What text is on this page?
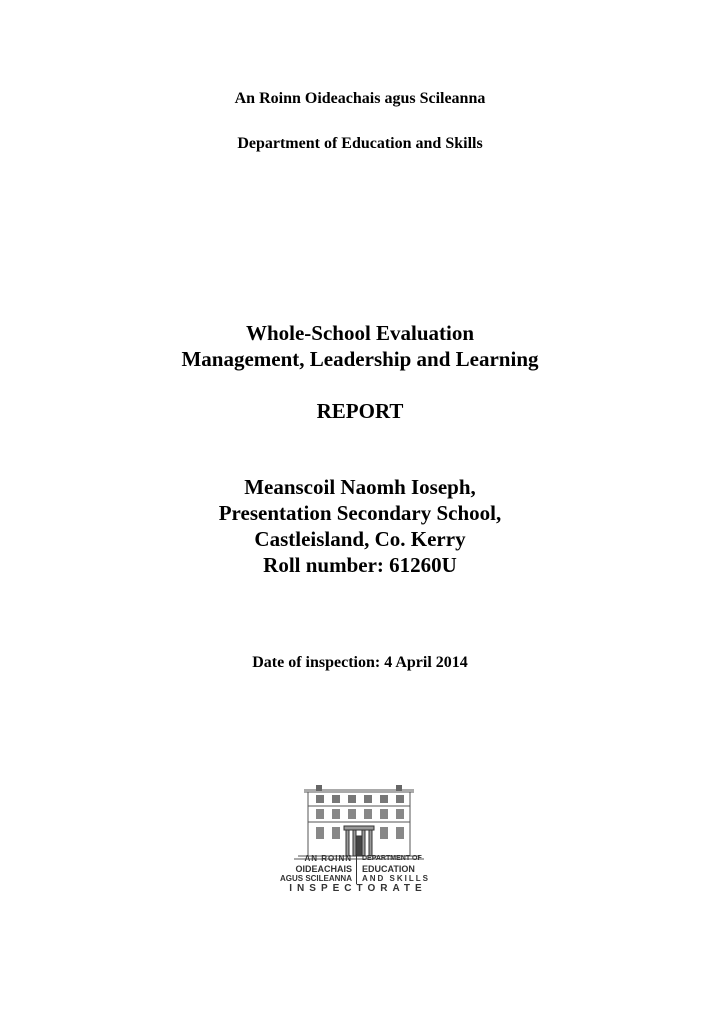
An Roinn Oideachais agus Scileanna
Department of Education and Skills
Whole-School Evaluation
Management, Leadership and Learning
REPORT
Meanscoil Naomh Ioseph,
Presentation Secondary School,
Castleisland, Co. Kerry
Roll number: 61260U
Date of inspection: 4 April 2014
AN ROINN
OIDEACHAIS
AGUS SCILEANNA
DEPARTMENT OF
EDUCATION
AND SKILLS
INSPECTORATE
